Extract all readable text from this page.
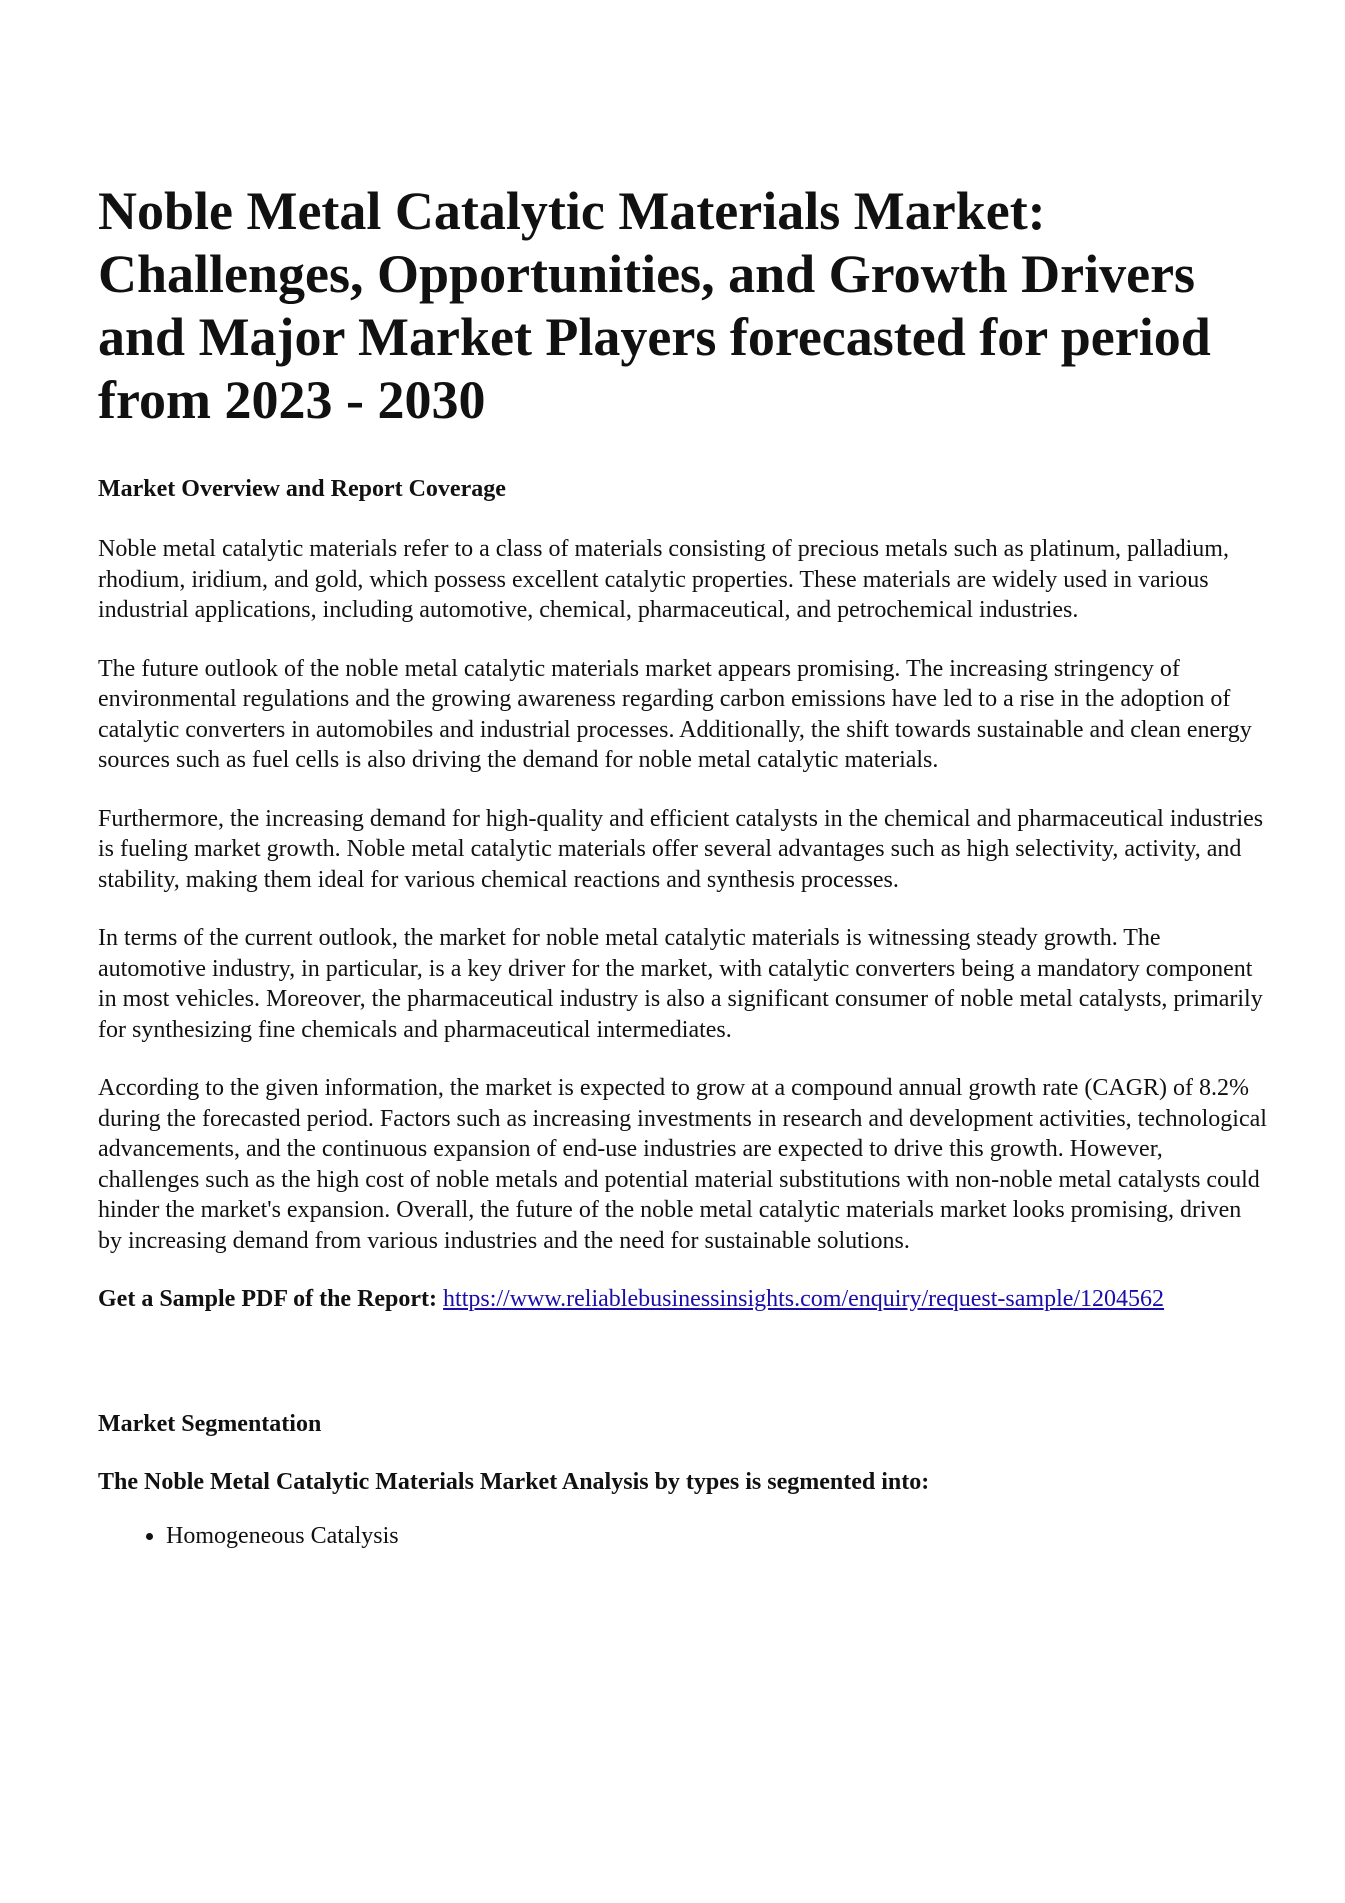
Noble Metal Catalytic Materials Market: Challenges, Opportunities, and Growth Drivers and Major Market Players forecasted for period from 2023 - 2030
Market Overview and Report Coverage

Noble metal catalytic materials refer to a class of materials consisting of precious metals such as platinum, palladium, rhodium, iridium, and gold, which possess excellent catalytic properties. These materials are widely used in various industrial applications, including automotive, chemical, pharmaceutical, and petrochemical industries.

The future outlook of the noble metal catalytic materials market appears promising. The increasing stringency of environmental regulations and the growing awareness regarding carbon emissions have led to a rise in the adoption of catalytic converters in automobiles and industrial processes. Additionally, the shift towards sustainable and clean energy sources such as fuel cells is also driving the demand for noble metal catalytic materials.

Furthermore, the increasing demand for high-quality and efficient catalysts in the chemical and pharmaceutical industries is fueling market growth. Noble metal catalytic materials offer several advantages such as high selectivity, activity, and stability, making them ideal for various chemical reactions and synthesis processes.

In terms of the current outlook, the market for noble metal catalytic materials is witnessing steady growth. The automotive industry, in particular, is a key driver for the market, with catalytic converters being a mandatory component in most vehicles. Moreover, the pharmaceutical industry is also a significant consumer of noble metal catalysts, primarily for synthesizing fine chemicals and pharmaceutical intermediates.

According to the given information, the market is expected to grow at a compound annual growth rate (CAGR) of 8.2% during the forecasted period. Factors such as increasing investments in research and development activities, technological advancements, and the continuous expansion of end-use industries are expected to drive this growth. However, challenges such as the high cost of noble metals and potential material substitutions with non-noble metal catalysts could hinder the market's expansion. Overall, the future of the noble metal catalytic materials market looks promising, driven by increasing demand from various industries and the need for sustainable solutions.

Get a Sample PDF of the Report: https://www.reliablebusinessinsights.com/enquiry/request-sample/1204562

Market Segmentation
The Noble Metal Catalytic Materials Market Analysis by types is segmented into:
• Homogeneous Catalysis
